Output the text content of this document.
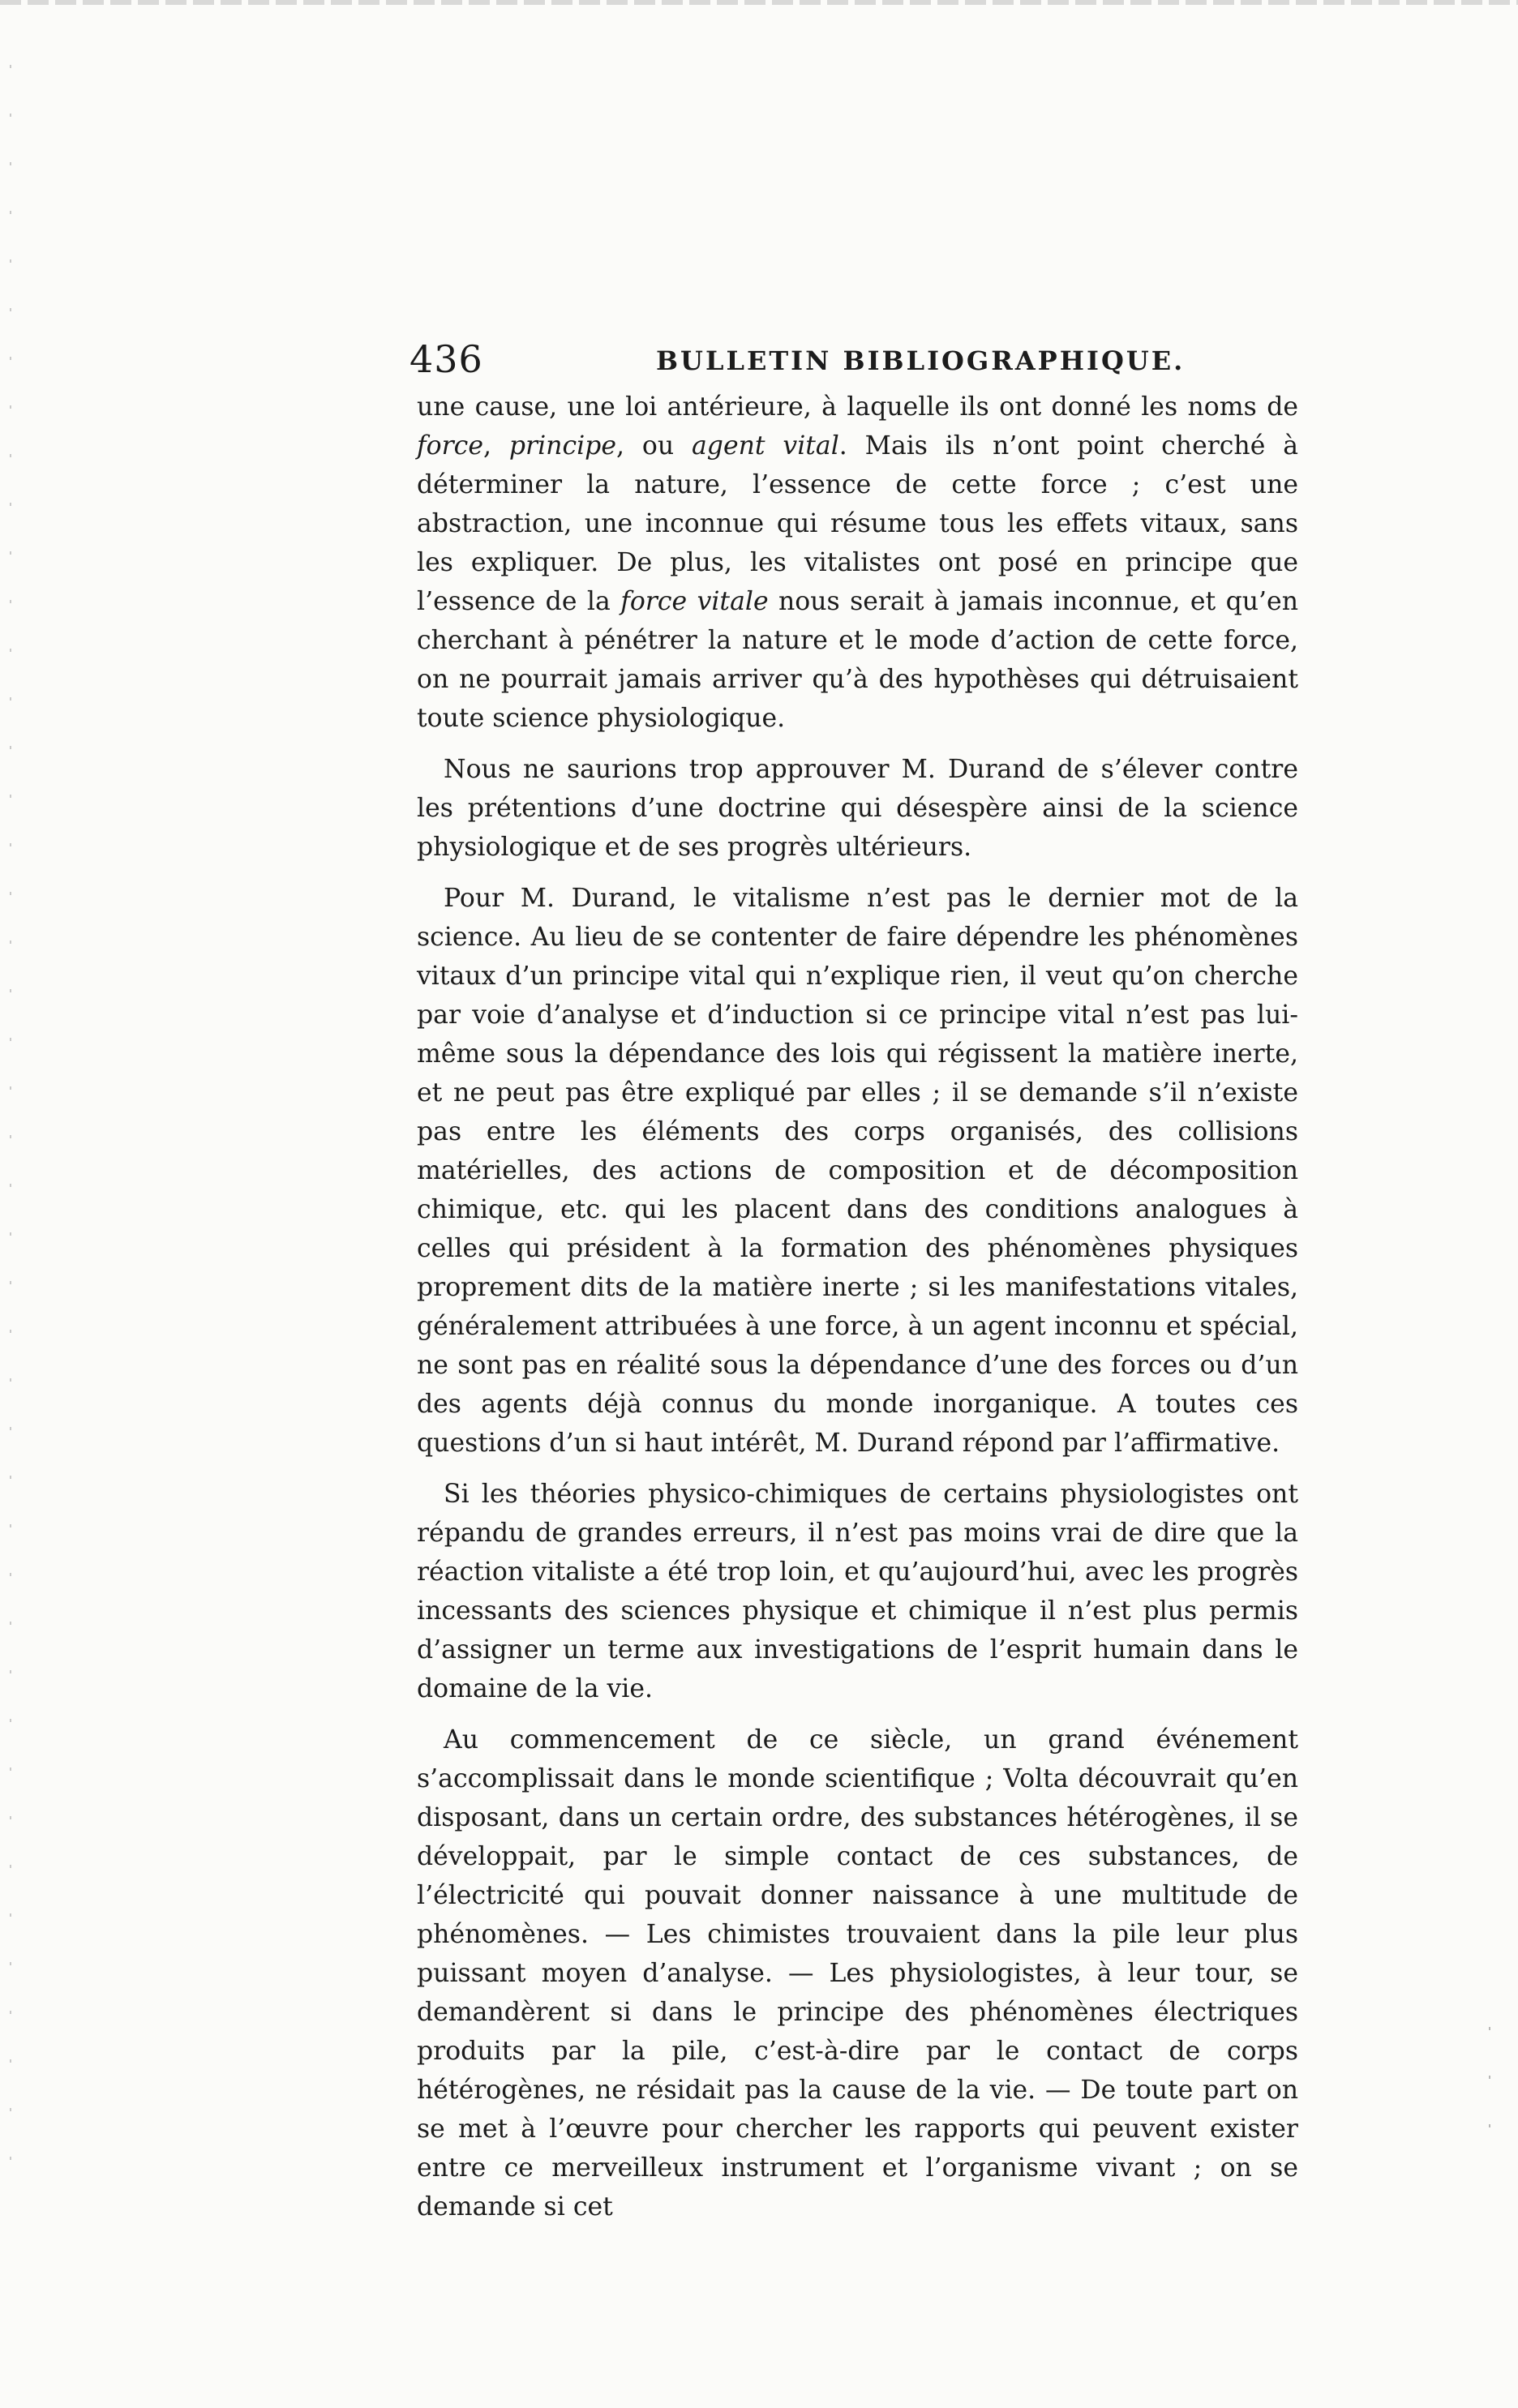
436	BULLETIN BIBLIOGRAPHIQUE.

une cause, une loi antérieure, à laquelle ils ont donné les noms de force, principe, ou agent vital. Mais ils n’ont point cherché à déterminer la nature, l’essence de cette force ; c’est une abstraction, une inconnue qui résume tous les effets vitaux, sans les expliquer. De plus, les vitalistes ont posé en principe que l’essence de la force vitale nous serait à jamais inconnue, et qu’en cherchant à pénétrer la nature et le mode d’action de cette force, on ne pourrait jamais arriver qu’à des hypothèses qui détruisaient toute science physiologique.

Nous ne saurions trop approuver M. Durand de s’élever contre les prétentions d’une doctrine qui désespère ainsi de la science physiologique et de ses progrès ultérieurs.

Pour M. Durand, le vitalisme n’est pas le dernier mot de la science. Au lieu de se contenter de faire dépendre les phénomènes vitaux d’un principe vital qui n’explique rien, il veut qu’on cherche par voie d’analyse et d’induction si ce principe vital n’est pas lui-même sous la dépendance des lois qui régissent la matière inerte, et ne peut pas être expliqué par elles ; il se demande s’il n’existe pas entre les éléments des corps organisés, des collisions matérielles, des actions de composition et de décomposition chimique, etc. qui les placent dans des conditions analogues à celles qui président à la formation des phénomènes physiques proprement dits de la matière inerte ; si les manifestations vitales, généralement attribuées à une force, à un agent inconnu et spécial, ne sont pas en réalité sous la dépendance d’une des forces ou d’un des agents déjà connus du monde inorganique. A toutes ces questions d’un si haut intérêt, M. Durand répond par l’affirmative.

Si les théories physico-chimiques de certains physiologistes ont répandu de grandes erreurs, il n’est pas moins vrai de dire que la réaction vitaliste a été trop loin, et qu’aujourd’hui, avec les progrès incessants des sciences physique et chimique il n’est plus permis d’assigner un terme aux investigations de l’esprit humain dans le domaine de la vie.

Au commencement de ce siècle, un grand événement s’accomplissait dans le monde scientifique ; Volta découvrait qu’en disposant, dans un certain ordre, des substances hétérogènes, il se développait, par le simple contact de ces substances, de l’électricité qui pouvait donner naissance à une multitude de phénomènes. — Les chimistes trouvaient dans la pile leur plus puissant moyen d’analyse. — Les physiologistes, à leur tour, se demandèrent si dans le principe des phénomènes électriques produits par la pile, c’est-à-dire par le contact de corps hétérogènes, ne résidait pas la cause de la vie. — De toute part on se met à l’œuvre pour chercher les rapports qui peuvent exister entre ce merveilleux instrument et l’organisme vivant ; on se demande si cet
